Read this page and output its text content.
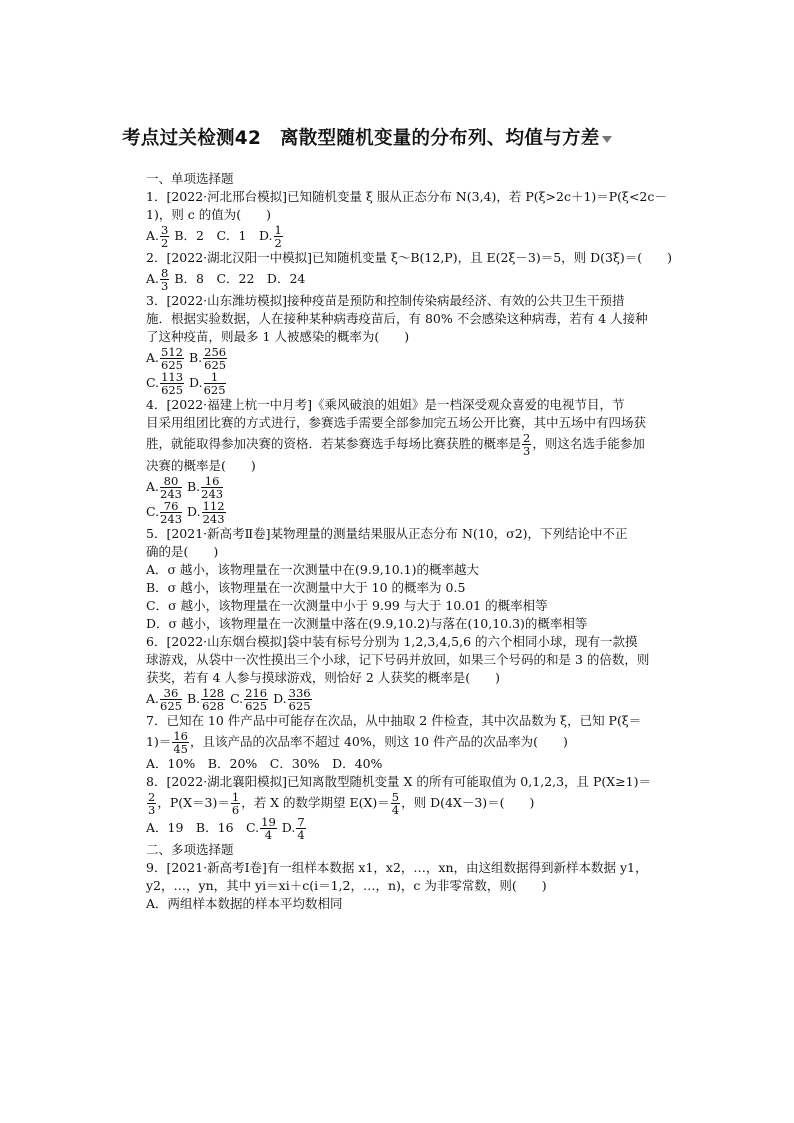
考点过关检测42　离散型随机变量的分布列、均值与方差
一、单项选择题
1．[2022·河北邢台模拟]已知随机变量 ξ 服从正态分布 N(3,4)，若 P(ξ>2c＋1)＝P(ξ<2c－
1)，则 c 的值为(　　)
A. $\frac{3}{2}$ B．2　C．1　D. $\frac{1}{2}$
2．[2022·湖北汉阳一中模拟]已知随机变量 ξ～B(12,P)，且 E(2ξ－3)＝5，则 D(3ξ)＝(　　)
A. $\frac{8}{3}$ B．8　C．22　D．24
3．[2022·山东潍坊模拟]接种疫苗是预防和控制传染病最经济、有效的公共卫生干预措
施．根据实验数据，人在接种某种病毒疫苗后，有 80% 不会感染这种病毒，若有 4 人接种
了这种疫苗，则最多 1 人被感染的概率为(　　)
A. $\frac{512}{625} B$. $\frac{256}{625}$
C. $\frac{113}{625} D$. $\frac{1}{625}$
4．[2022·福建上杭一中月考]《乘风破浪的姐姐》是一档深受观众喜爱的电视节目，节
目采用组团比赛的方式进行，参赛选手需要全部参加完五场公开比赛，其中五场中有四场获
胜，就能取得参加决赛的资格．若某参赛选手每场比赛获胜的概率是 $\frac{2}{3}$ ，则这名选手能参加
决赛的概率是(　　)
A. $\frac{80}{243} B$. $\frac{16}{243}$
C. $\frac{76}{243} D$. $\frac{112}{243}$
5．[2021·新高考Ⅱ卷]某物理量的测量结果服从正态分布 N(10，σ2)，下列结论中不正
确的是(　　)
A．σ 越小，该物理量在一次测量中在(9.9,10.1)的概率越大
B．σ 越小，该物理量在一次测量中大于 10 的概率为 0.5
C．σ 越小，该物理量在一次测量中小于 9.99 与大于 10.01 的概率相等
D．σ 越小，该物理量在一次测量中落在(9.9,10.2)与落在(10,10.3)的概率相等
6．[2022·山东烟台模拟]袋中装有标号分别为 1,2,3,4,5,6 的六个相同小球，现有一款摸
球游戏，从袋中一次性摸出三个小球，记下号码并放回，如果三个号码的和是 3 的倍数，则
获奖，若有 4 人参与摸球游戏，则恰好 2 人获奖的概率是(　　)
A. $\frac{36}{625} B$. $\frac{128}{628} C$. $\frac{216}{625} D$. $\frac{336}{625}$
7．已知在 10 件产品中可能存在次品，从中抽取 2 件检查，其中次品数为 ξ，已知 P(ξ＝
$1)= \frac{16}{45}$ ，且该产品的次品率不超过 40%，则这 10 件产品的次品率为(　　)
A．10%　B．20%　C．30%　D．40%
8．[2022·湖北襄阳模拟]已知离散型随机变量 X 的所有可能取值为 0,1,2,3，且 P(X≥1)＝
$\frac{2}{3}$ ，$P(X=3)= \frac{1}{6}$ ，若 X 的数学期望 $E(X)= \frac{5}{4}$ ，则 D(4X－3)＝(　　)
A．19　B．16　C. $\frac{19}{4} D$. $\frac{7}{4}$
二、多项选择题
9．[2021·新高考Ⅰ卷]有一组样本数据 x1，x2，…，xn，由这组数据得到新样本数据 y1，
y2，…，yn，其中 yi＝xi＋c(i＝1,2，…，n)，c 为非零常数，则(　　)
A．两组样本数据的样本平均数相同
